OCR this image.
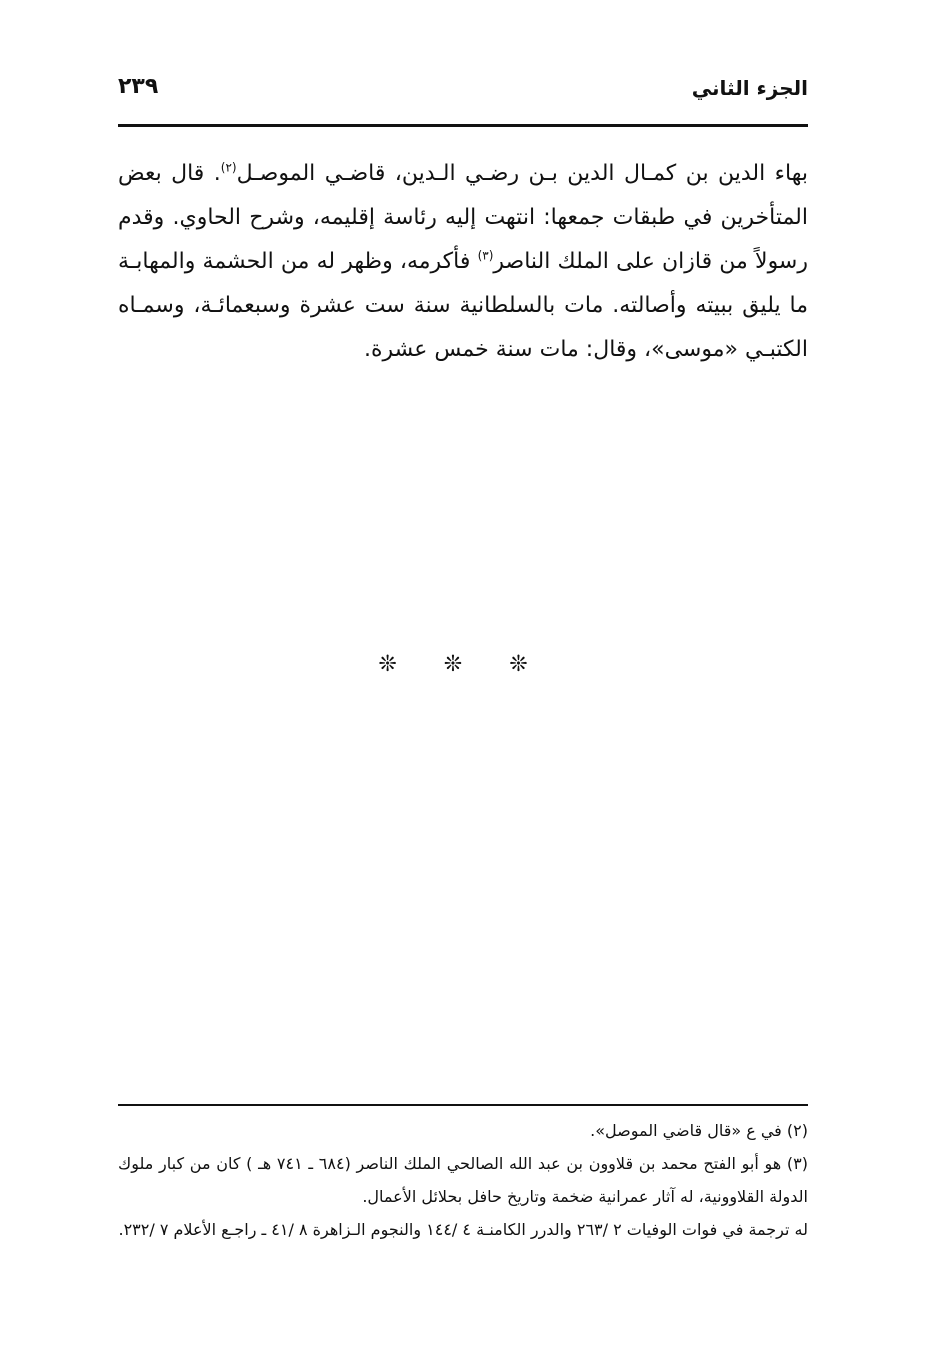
الجزء الثاني
٢٣٩

بهاء الدين بن كمـال الدين بـن رضـي الـدين، قاضـي الموصـل$^{(٢)}$. قال بعض المتأخرين في طبقات جمعها: انتهت إليه رئاسة إقليمه، وشرح الحاوي. وقدم رسولاً من قازان على الملك الناصر$^{(٣)}$ فأكرمه، وظهر له من الحشمة والمهابـة ما يليق ببيته وأصالته. مات بالسلطانية سنة ست عشرة وسبعمائـة، وسمـاه الكتبـي «موسى»، وقال: مات سنة خمس عشرة.

❊ ❊ ❊

(٢) في ع «قال قاضي الموصل».

(٣) هو أبو الفتح محمد بن قلاوون بن عبد الله الصالحي الملك الناصر (٦٨٤ ـ ٧٤١ هـ ) كان من كبار ملوك الدولة القلاوونية، له آثار عمرانية ضخمة وتاريخ حافل بحلائل الأعمال.

له ترجمة في فوات الوفيات ٢ /٢٦٣ والدرر الكامنـة ٤ /١٤٤ والنجوم الـزاهرة ٨ /٤١ ـ راجـع الأعلام ٧ /٢٣٢.
